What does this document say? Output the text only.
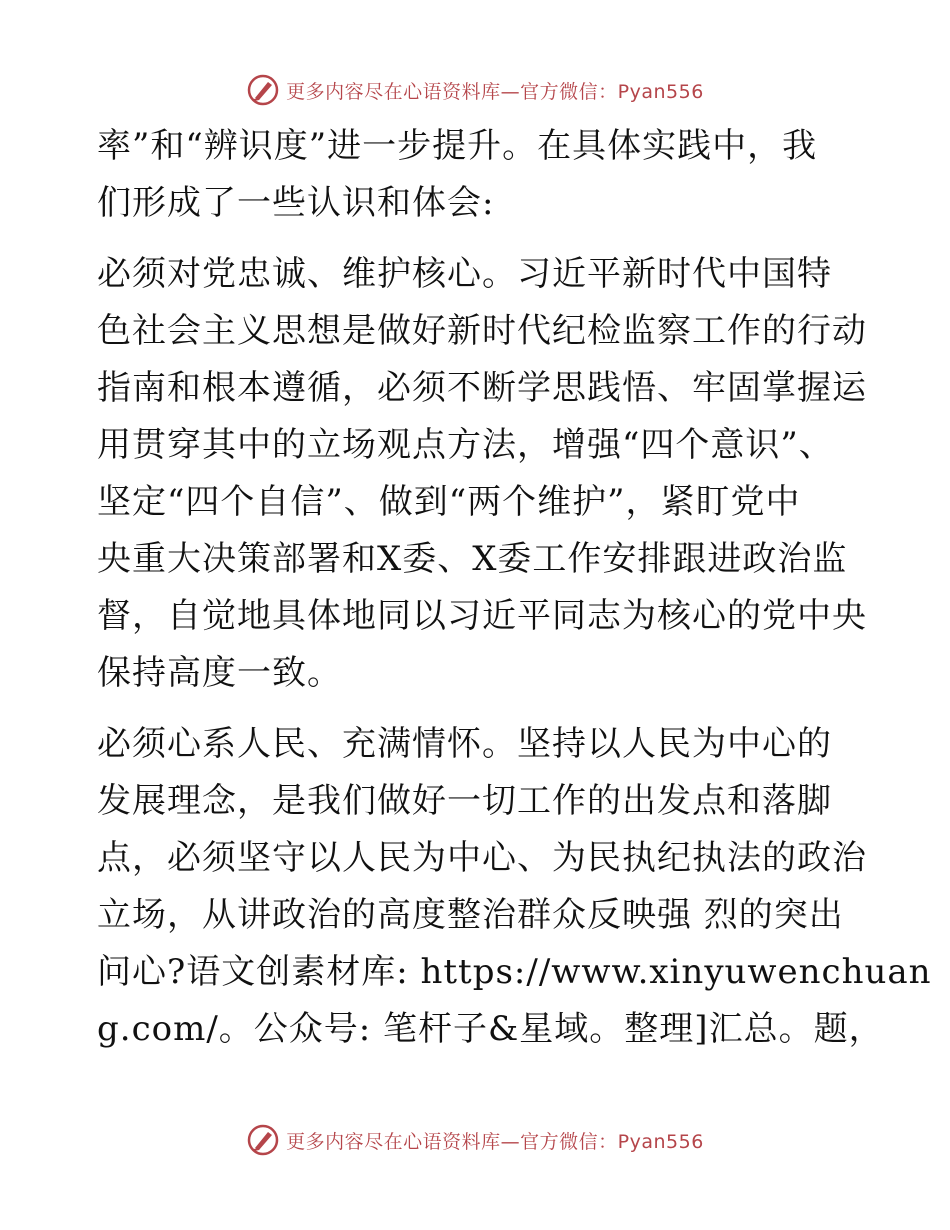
更多内容尽在心语资料库—官方微信：Pyan556

率”和“辨识度”进一步提升。在具体实践中，我
们形成了一些认识和体会:

必须对党忠诚、维护核心。习近平新时代中国特
色社会主义思想是做好新时代纪检监察工作的行动
指南和根本遵循，必须不断学思践悟、牢固掌握运
用贯穿其中的立场观点方法，增强“四个意识”、
坚定“四个自信”、做到“两个维护”，紧盯党中
央重大决策部署和X委、X委工作安排跟进政治监
督，自觉地具体地同以习近平同志为核心的党中央
保持高度一致。

必须心系人民、充满情怀。坚持以人民为中心的
发展理念，是我们做好一切工作的出发点和落脚
点，必须坚守以人民为中心、为民执纪执法的政治
立场，从讲政治的高度整治群众反映强 烈的突出
问心?语文创素材库: https://www.xinyuwenchuan
g.com/。公众号: 笔杆子&星域。整理]汇总。题，

更多内容尽在心语资料库—官方微信：Pyan556
